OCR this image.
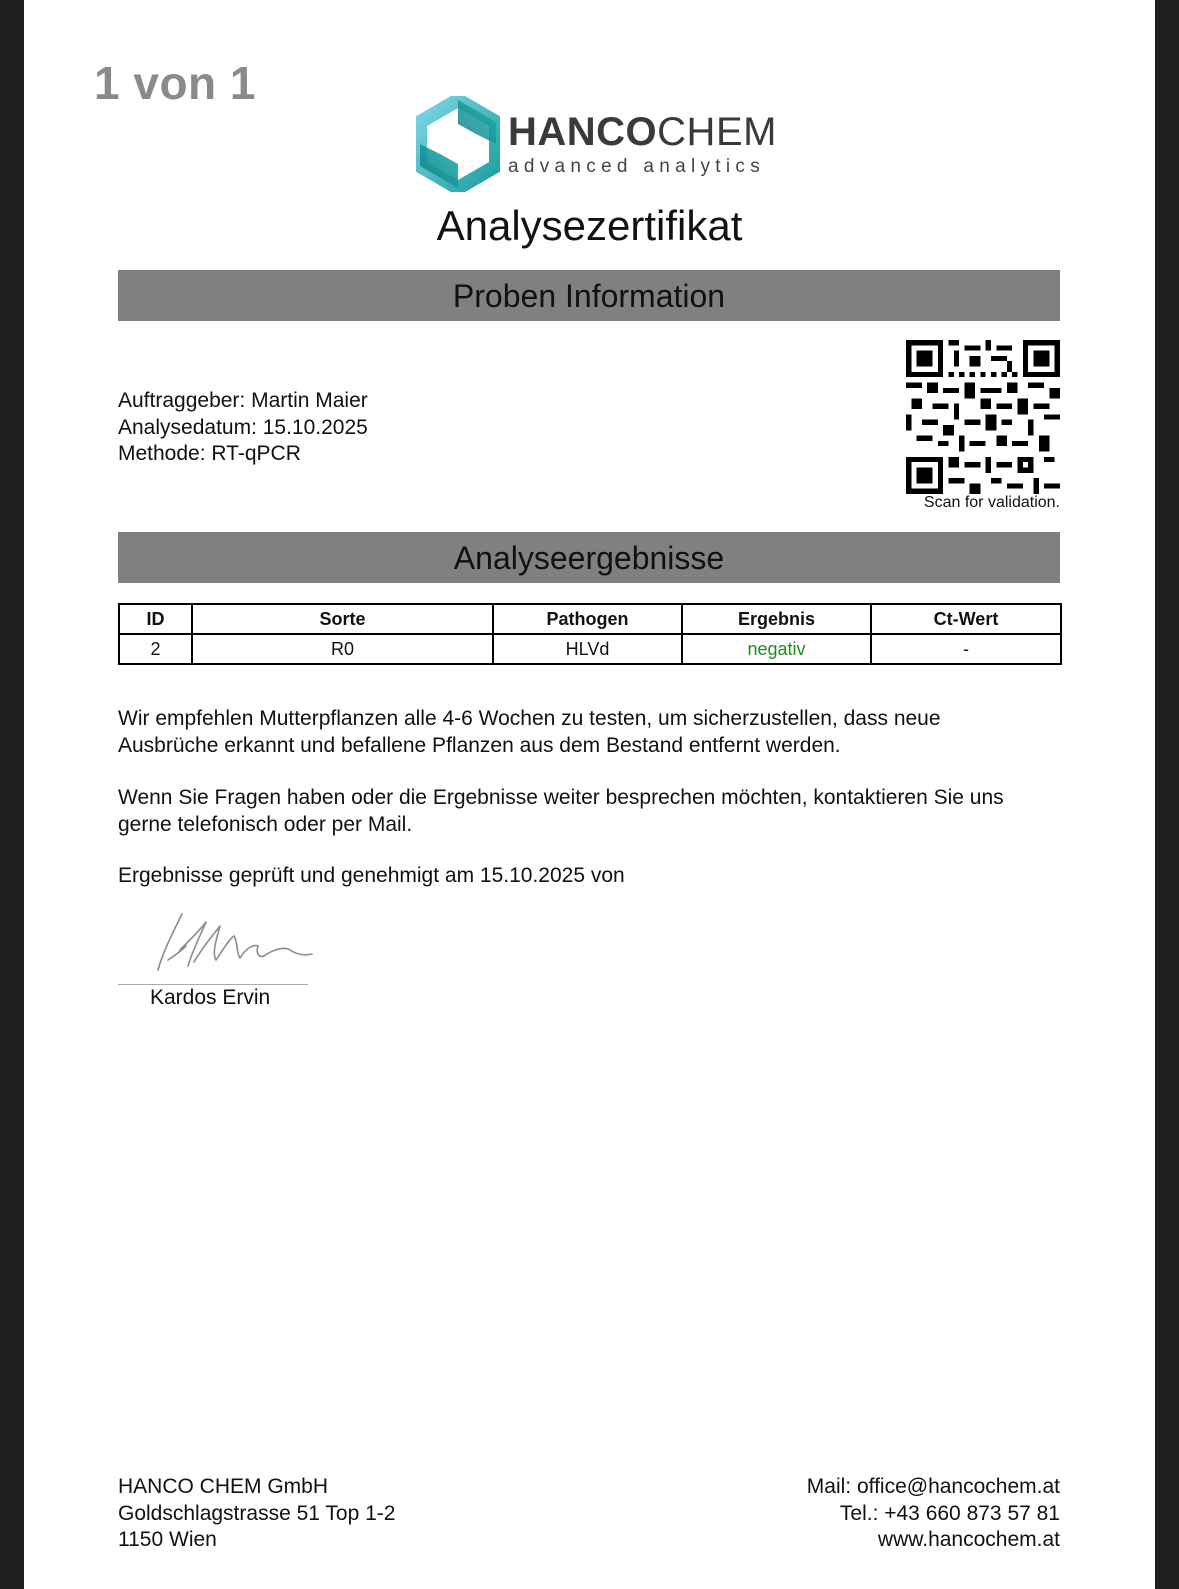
1 von 1
HANCOCHEM
advanced analytics
Analysezertifikat
Proben Information
Auftraggeber: Martin Maier
Analysedatum: 15.10.2025
Methode: RT-qPCR
Scan for validation.
Analyseergebnisse
ID	Sorte	Pathogen	Ergebnis	Ct-Wert
2	R0	HLVd	negativ	-
Wir empfehlen Mutterpflanzen alle 4-6 Wochen zu testen, um sicherzustellen, dass neue Ausbrüche erkannt und befallene Pflanzen aus dem Bestand entfernt werden.
Wenn Sie Fragen haben oder die Ergebnisse weiter besprechen möchten, kontaktieren Sie uns gerne telefonisch oder per Mail.
Ergebnisse geprüft und genehmigt am 15.10.2025 von
Kardos Ervin
HANCO CHEM GmbH
Goldschlagstrasse 51 Top 1-2
1150 Wien
Mail: office@hancochem.at
Tel.: +43 660 873 57 81
www.hancochem.at
